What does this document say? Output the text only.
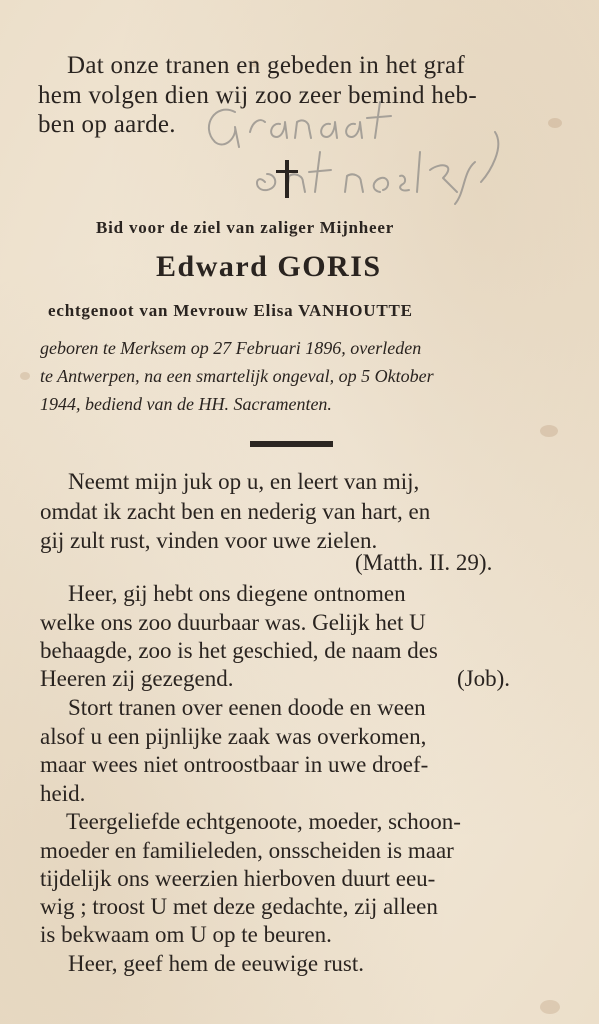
Dat onze tranen en gebeden in het graf
hem volgen dien wij zoo zeer bemind heb-
ben op aarde.
Bid voor de ziel van zaliger Mijnheer
Edward GORIS
echtgenoot van Mevrouw Elisa VANHOUTTE
geboren te Merksem op 27 Februari 1896, overleden
te Antwerpen, na een smartelijk ongeval, op 5 Oktober
1944, bediend van de HH. Sacramenten.
Neemt mijn juk op u, en leert van mij,
omdat ik zacht ben en nederig van hart, en
gij zult rust, vinden voor uwe zielen.
(Matth. II. 29).
Heer, gij hebt ons diegene ontnomen
welke ons zoo duurbaar was. Gelijk het U
behaagde, zoo is het geschied, de naam des
Heeren zij gezegend.	(Job).
Stort tranen over eenen doode en ween
alsof u een pijnlijke zaak was overkomen,
maar wees niet ontroostbaar in uwe droef-
heid.
Teergeliefde echtgenoote, moeder, schoon-
moeder en familieleden, onsscheiden is maar
tijdelijk ons weerzien hierboven duurt eeu-
wig ; troost U met deze gedachte, zij alleen
is bekwaam om U op te beuren.
Heer, geef hem de eeuwige rust.
